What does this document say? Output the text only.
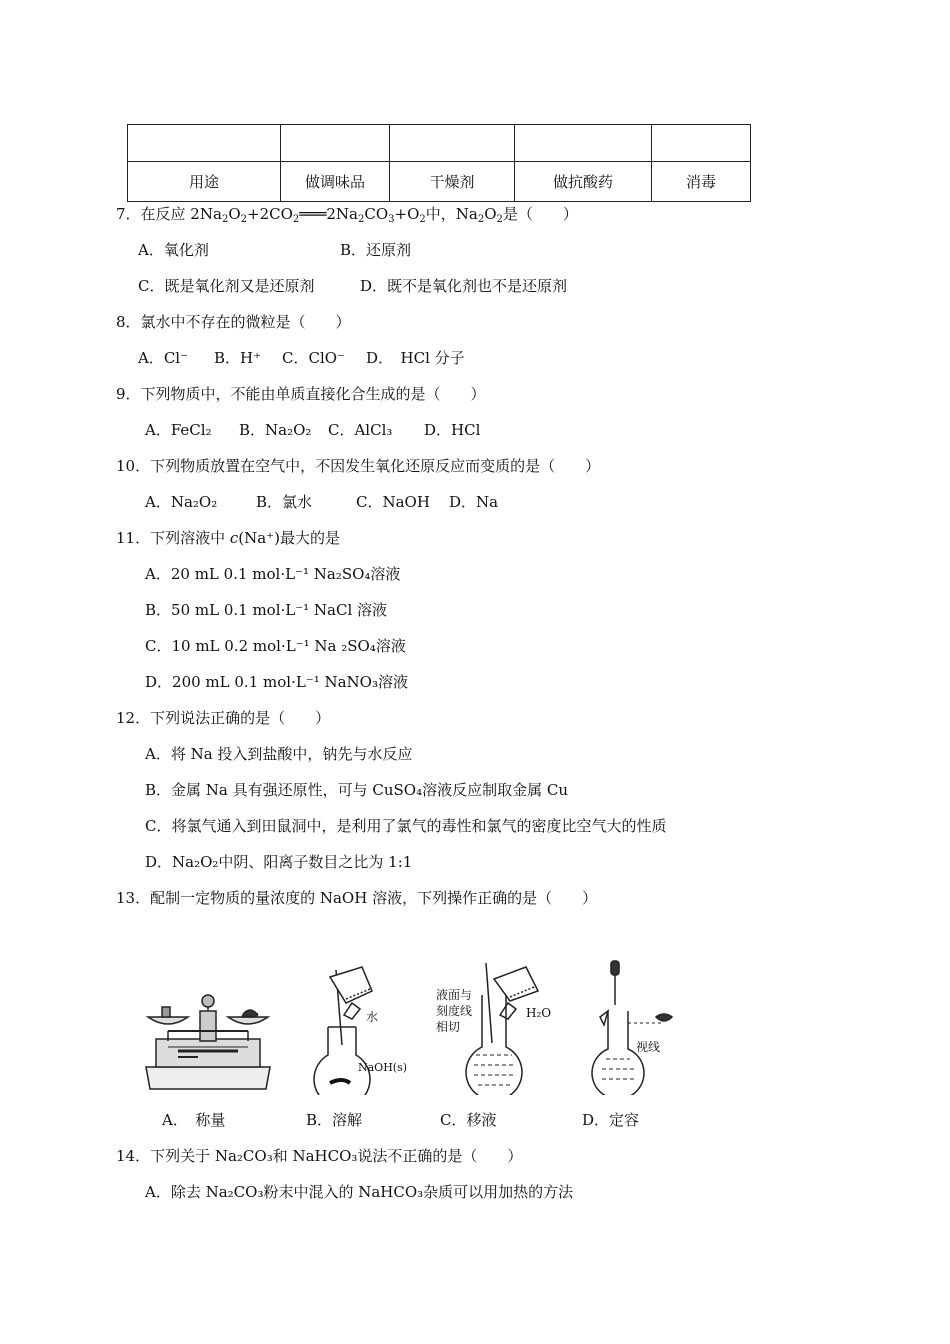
用途	做调味品	干燥剂	做抗酸药	消毒
7．在反应 $2Na_2O_2+2CO_2═══2Na_2CO_3+O_2$中，$Na_2O_2$是（　　）
A．氧化剂	B．还原剂
C．既是氧化剂又是还原剂	D．既不是氧化剂也不是还原剂
8．氯水中不存在的微粒是（　　）
A．Cl⁻ B．H⁺ C．ClO⁻ D．　HCl 分子
9．下列物质中，不能由单质直接化合生成的是（　　）
A．FeCl₂ B．Na₂O₂ C．AlCl₃ D．HCl
10．下列物质放置在空气中，不因发生氧化还原反应而变质的是（　　）
A．Na₂O₂	B．氯水	C．NaOH D．Na
11．下列溶液中 c(Na⁺)最大的是
A．20 mL 0.1 mol·L⁻¹ Na₂SO₄溶液
B．50 mL 0.1 mol·L⁻¹ NaCl 溶液
C．10 mL 0.2 mol·L⁻¹ Na ₂SO₄溶液
D．200 mL 0.1 mol·L⁻¹ NaNO₃溶液
12．下列说法正确的是（　　）
A．将 Na 投入到盐酸中，钠先与水反应
B．金属 Na 具有强还原性，可与 CuSO₄溶液反应制取金属 Cu
C．将氯气通入到田鼠洞中，是利用了氯气的毒性和氯气的密度比空气大的性质
D．Na₂O₂中阴、阳离子数目之比为 1:1
13．配制一定物质的量浓度的 NaOH 溶液，下列操作正确的是（　　）
水
NaOH(s)
液面与
刻度线
相切
H₂O
视线
A．　称量	B．溶解	C．移液	D．定容
14．下列关于 Na₂CO₃和 NaHCO₃说法不正确的是（　　）
A．除去 Na₂CO₃粉末中混入的 NaHCO₃杂质可以用加热的方法
